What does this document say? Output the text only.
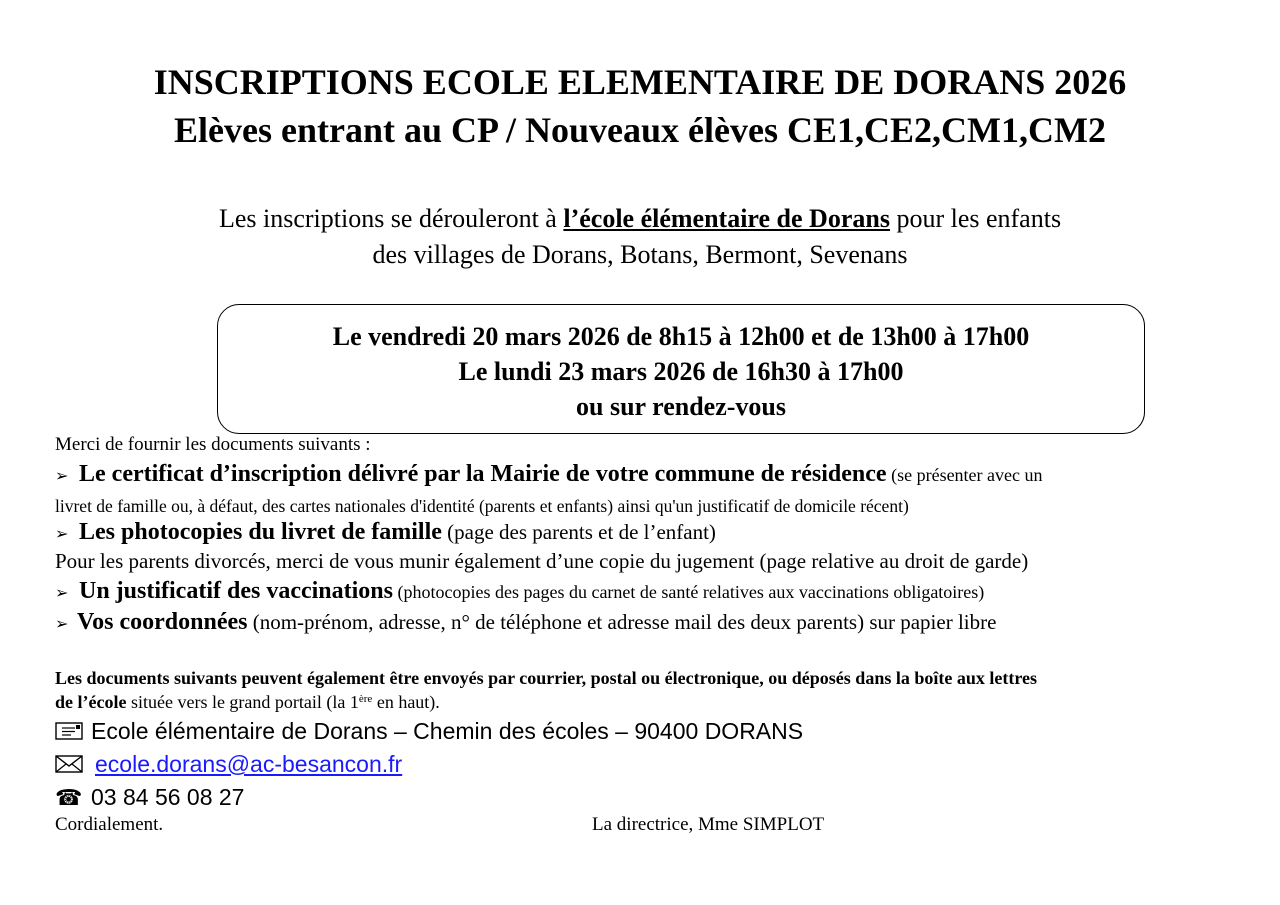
INSCRIPTIONS ECOLE ELEMENTAIRE DE DORANS 2026
Elèves entrant au CP / Nouveaux élèves CE1,CE2,CM1,CM2
Les inscriptions se dérouleront à l’école élémentaire de Dorans pour les enfants
des villages de Dorans, Botans, Bermont, Sevenans
Le vendredi 20 mars 2026 de 8h15 à 12h00 et de 13h00 à 17h00
Le lundi 23 mars 2026 de 16h30 à 17h00
ou sur rendez-vous
Merci de fournir les documents suivants :
➢ Le certificat d’inscription délivré par la Mairie de votre commune de résidence (se présenter avec un
livret de famille ou, à défaut, des cartes nationales d'identité (parents et enfants) ainsi qu'un justificatif de domicile récent)
➢ Les photocopies du livret de famille (page des parents et de l’enfant)
Pour les parents divorcés, merci de vous munir également d’une copie du jugement (page relative au droit de garde)
➢ Un justificatif des vaccinations (photocopies des pages du carnet de santé relatives aux vaccinations obligatoires)
➢ Vos coordonnées (nom-prénom, adresse, n° de téléphone et adresse mail des deux parents) sur papier libre
Les documents suivants peuvent également être envoyés par courrier, postal ou électronique, ou déposés dans la boîte aux lettres
de l’école située vers le grand portail (la 1ère en haut).
Ecole élémentaire de Dorans – Chemin des écoles – 90400 DORANS
ecole.dorans@ac-besancon.fr
☎ 03 84 56 08 27
Cordialement.	La directrice, Mme SIMPLOT
